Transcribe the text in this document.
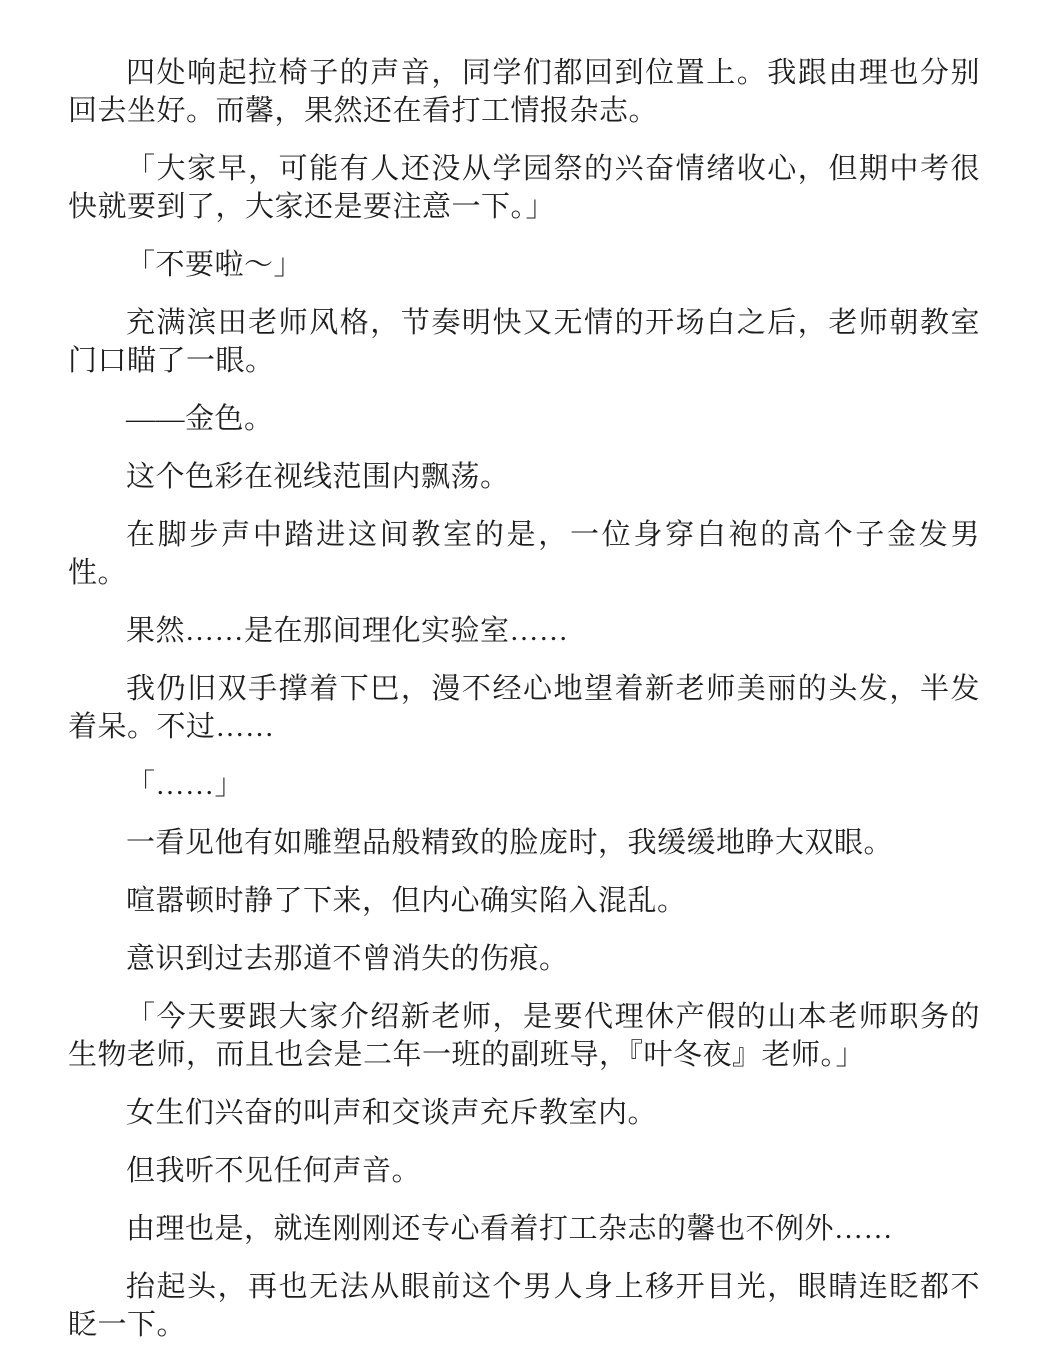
四处响起拉椅子的声音，同学们都回到位置上。我跟由理也分别回去坐好。而馨，果然还在看打工情报杂志。

「大家早，可能有人还没从学园祭的兴奋情绪收心，但期中考很快就要到了，大家还是要注意一下。」

「不要啦～」

充满滨田老师风格，节奏明快又无情的开场白之后，老师朝教室门口瞄了一眼。

——金色。

这个色彩在视线范围内飘荡。

在脚步声中踏进这间教室的是，一位身穿白袍的高个子金发男性。

果然……是在那间理化实验室……

我仍旧双手撑着下巴，漫不经心地望着新老师美丽的头发，半发着呆。不过……

「……」

一看见他有如雕塑品般精致的脸庞时，我缓缓地睁大双眼。

喧嚣顿时静了下来，但内心确实陷入混乱。

意识到过去那道不曾消失的伤痕。

「今天要跟大家介绍新老师，是要代理休产假的山本老师职务的生物老师，而且也会是二年一班的副班导，『叶冬夜』老师。」

女生们兴奋的叫声和交谈声充斥教室内。

但我听不见任何声音。

由理也是，就连刚刚还专心看着打工杂志的馨也不例外……

抬起头，再也无法从眼前这个男人身上移开目光，眼睛连眨都不眨一下。
